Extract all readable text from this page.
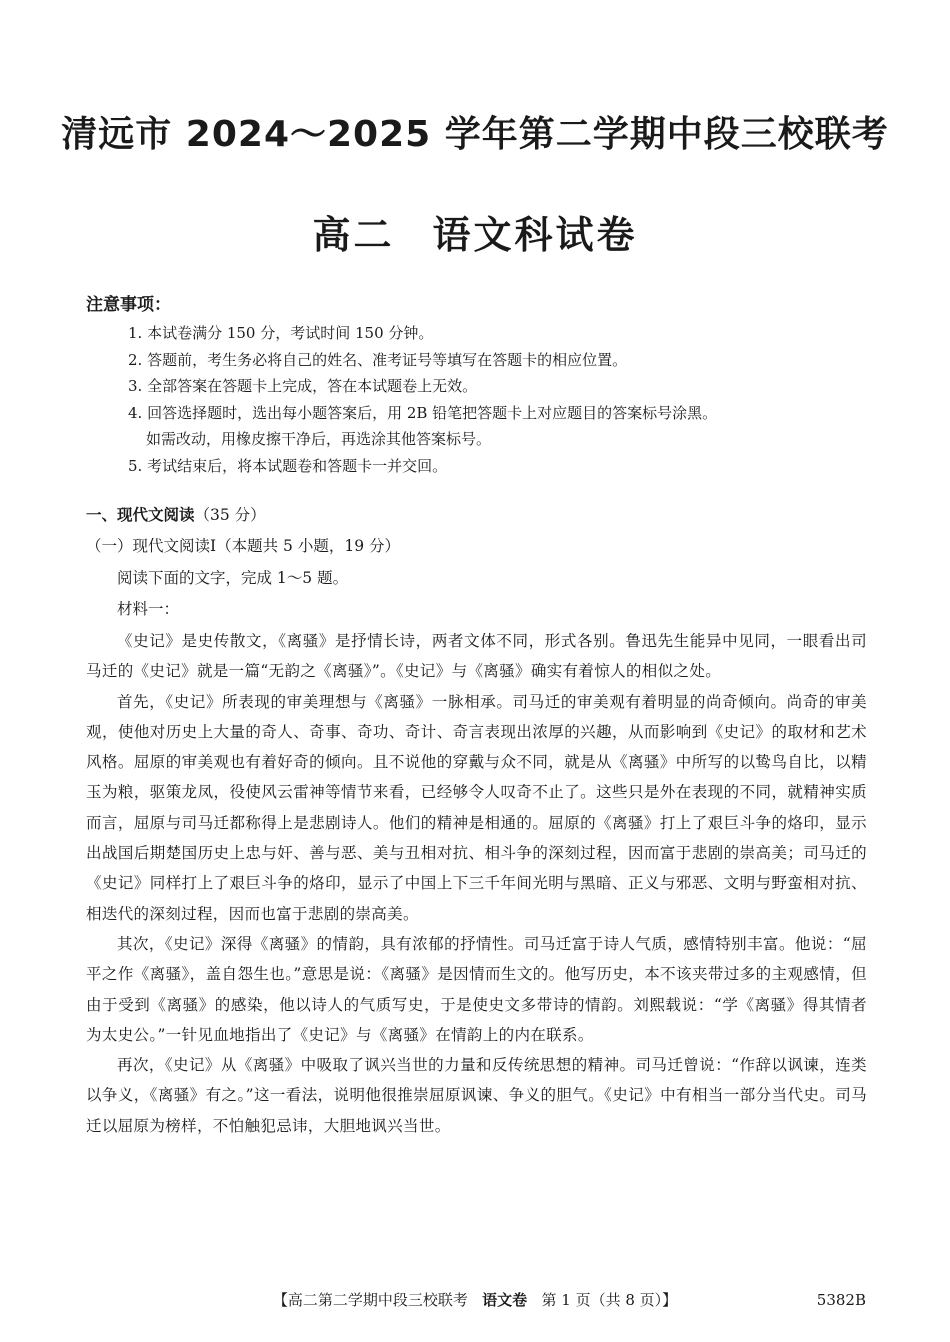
清远市 2024～2025 学年第二学期中段三校联考
高二 语文科试卷
注意事项：
1. 本试卷满分 150 分，考试时间 150 分钟。
2. 答题前，考生务必将自己的姓名、准考证号等填写在答题卡的相应位置。
3. 全部答案在答题卡上完成，答在本试题卷上无效。
4. 回答选择题时，选出每小题答案后，用 2B 铅笔把答题卡上对应题目的答案标号涂黑。
如需改动，用橡皮擦干净后，再选涂其他答案标号。
5. 考试结束后，将本试题卷和答题卡一并交回。
一、现代文阅读（35 分）
（一）现代文阅读Ⅰ（本题共 5 小题，19 分）
阅读下面的文字，完成 1～5 题。
材料一：

《史记》是史传散文，《离骚》是抒情长诗，两者文体不同，形式各别。鲁迅先生能异中见同，一眼看出司马迁的《史记》就是一篇“无韵之《离骚》”。《史记》与《离骚》确实有着惊人的相似之处。

首先，《史记》所表现的审美理想与《离骚》一脉相承。司马迁的审美观有着明显的尚奇倾向。尚奇的审美观，使他对历史上大量的奇人、奇事、奇功、奇计、奇言表现出浓厚的兴趣，从而影响到《史记》的取材和艺术风格。屈原的审美观也有着好奇的倾向。且不说他的穿戴与众不同，就是从《离骚》中所写的以鸷鸟自比，以精玉为粮，驱策龙凤，役使风云雷神等情节来看，已经够令人叹奇不止了。这些只是外在表现的不同，就精神实质而言，屈原与司马迁都称得上是悲剧诗人。他们的精神是相通的。屈原的《离骚》打上了艰巨斗争的烙印，显示出战国后期楚国历史上忠与奸、善与恶、美与丑相对抗、相斗争的深刻过程，因而富于悲剧的崇高美；司马迁的《史记》同样打上了艰巨斗争的烙印，显示了中国上下三千年间光明与黑暗、正义与邪恶、文明与野蛮相对抗、相迭代的深刻过程，因而也富于悲剧的崇高美。

其次，《史记》深得《离骚》的情韵，具有浓郁的抒情性。司马迁富于诗人气质，感情特别丰富。他说：“屈平之作《离骚》，盖自怨生也。”意思是说：《离骚》是因情而生文的。他写历史，本不该夹带过多的主观感情，但由于受到《离骚》的感染，他以诗人的气质写史，于是使史文多带诗的情韵。刘熙载说：“学《离骚》得其情者为太史公。”一针见血地指出了《史记》与《离骚》在情韵上的内在联系。

再次，《史记》从《离骚》中吸取了讽兴当世的力量和反传统思想的精神。司马迁曾说：“作辞以讽谏，连类以争义，《离骚》有之。”这一看法，说明他很推崇屈原讽谏、争义的胆气。《史记》中有相当一部分当代史。司马迁以屈原为榜样，不怕触犯忌讳，大胆地讽兴当世。

【高二第二学期中段三校联考 语文卷 第 1 页（共 8 页）】	5382B
